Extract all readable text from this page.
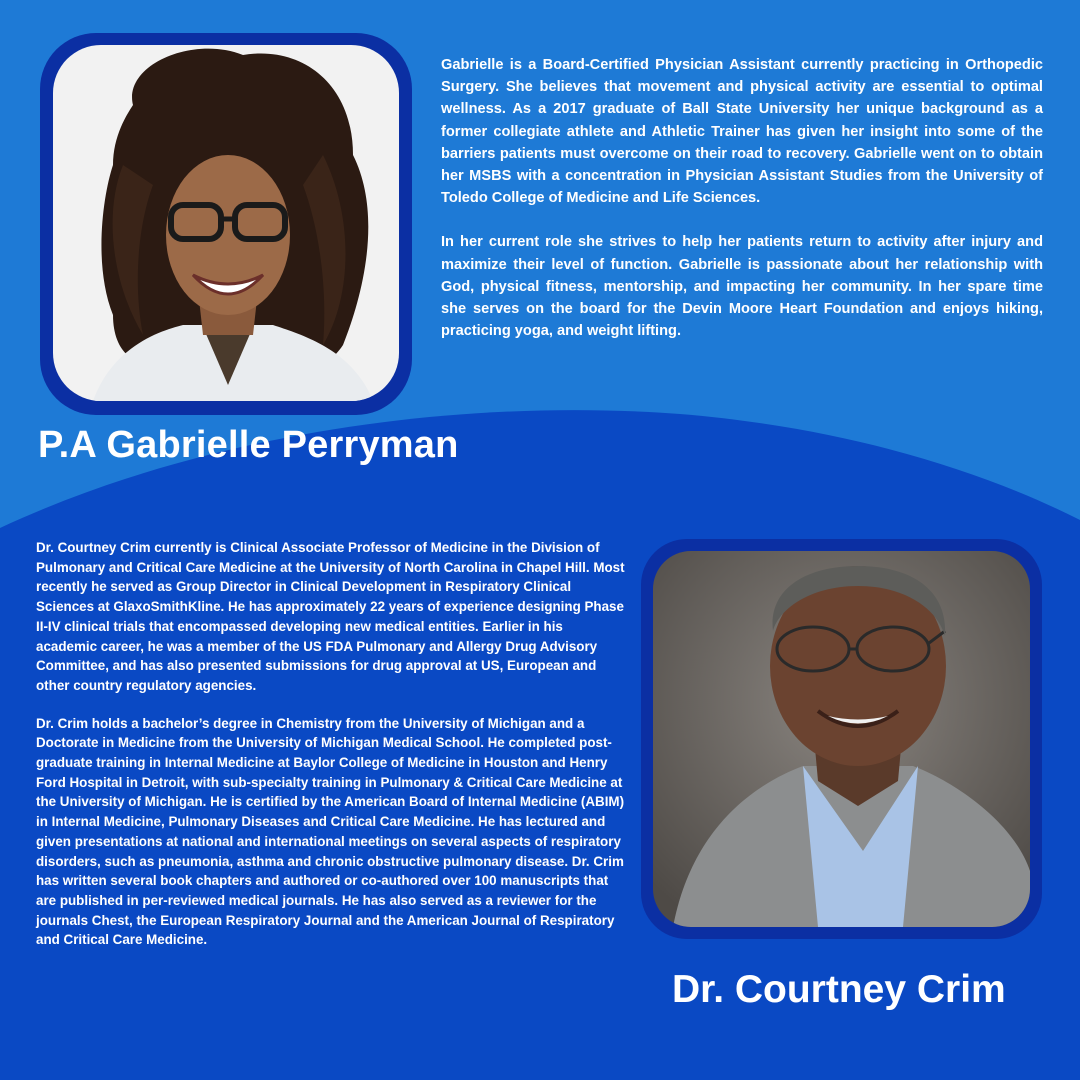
Gabrielle is a Board-Certified Physician Assistant currently practicing in Orthopedic Surgery. She believes that movement and physical activity are essential to optimal wellness. As a 2017 graduate of Ball State University her unique background as a former collegiate athlete and Athletic Trainer has given her insight into some of the barriers patients must overcome on their road to recovery. Gabrielle went on to obtain her MSBS with a concentration in Physician Assistant Studies from the University of Toledo College of Medicine and Life Sciences.

In her current role she strives to help her patients return to activity after injury and maximize their level of function. Gabrielle is passionate about her relationship with God, physical fitness, mentorship, and impacting her community. In her spare time she serves on the board for the Devin Moore Heart Foundation and enjoys hiking, practicing yoga, and weight lifting.

P.A Gabrielle Perryman

Dr. Courtney Crim currently is Clinical Associate Professor of Medicine in the Division of Pulmonary and Critical Care Medicine at the University of North Carolina in Chapel Hill. Most recently he served as Group Director in Clinical Development in Respiratory Clinical Sciences at GlaxoSmithKline. He has approximately 22 years of experience designing Phase II-IV clinical trials that encompassed developing new medical entities. Earlier in his academic career, he was a member of the US FDA Pulmonary and Allergy Drug Advisory Committee, and has also presented submissions for drug approval at US, European and other country regulatory agencies.

Dr. Crim holds a bachelor’s degree in Chemistry from the University of Michigan and a Doctorate in Medicine from the University of Michigan Medical School. He completed post-graduate training in Internal Medicine at Baylor College of Medicine in Houston and Henry Ford Hospital in Detroit, with sub-specialty training in Pulmonary & Critical Care Medicine at the University of Michigan. He is certified by the American Board of Internal Medicine (ABIM) in Internal Medicine, Pulmonary Diseases and Critical Care Medicine. He has lectured and given presentations at national and international meetings on several aspects of respiratory disorders, such as pneumonia, asthma and chronic obstructive pulmonary disease. Dr. Crim has written several book chapters and authored or co-authored over 100 manuscripts that are published in per-reviewed medical journals. He has also served as a reviewer for the journals Chest, the European Respiratory Journal and the American Journal of Respiratory and Critical Care Medicine.

Dr. Courtney Crim
